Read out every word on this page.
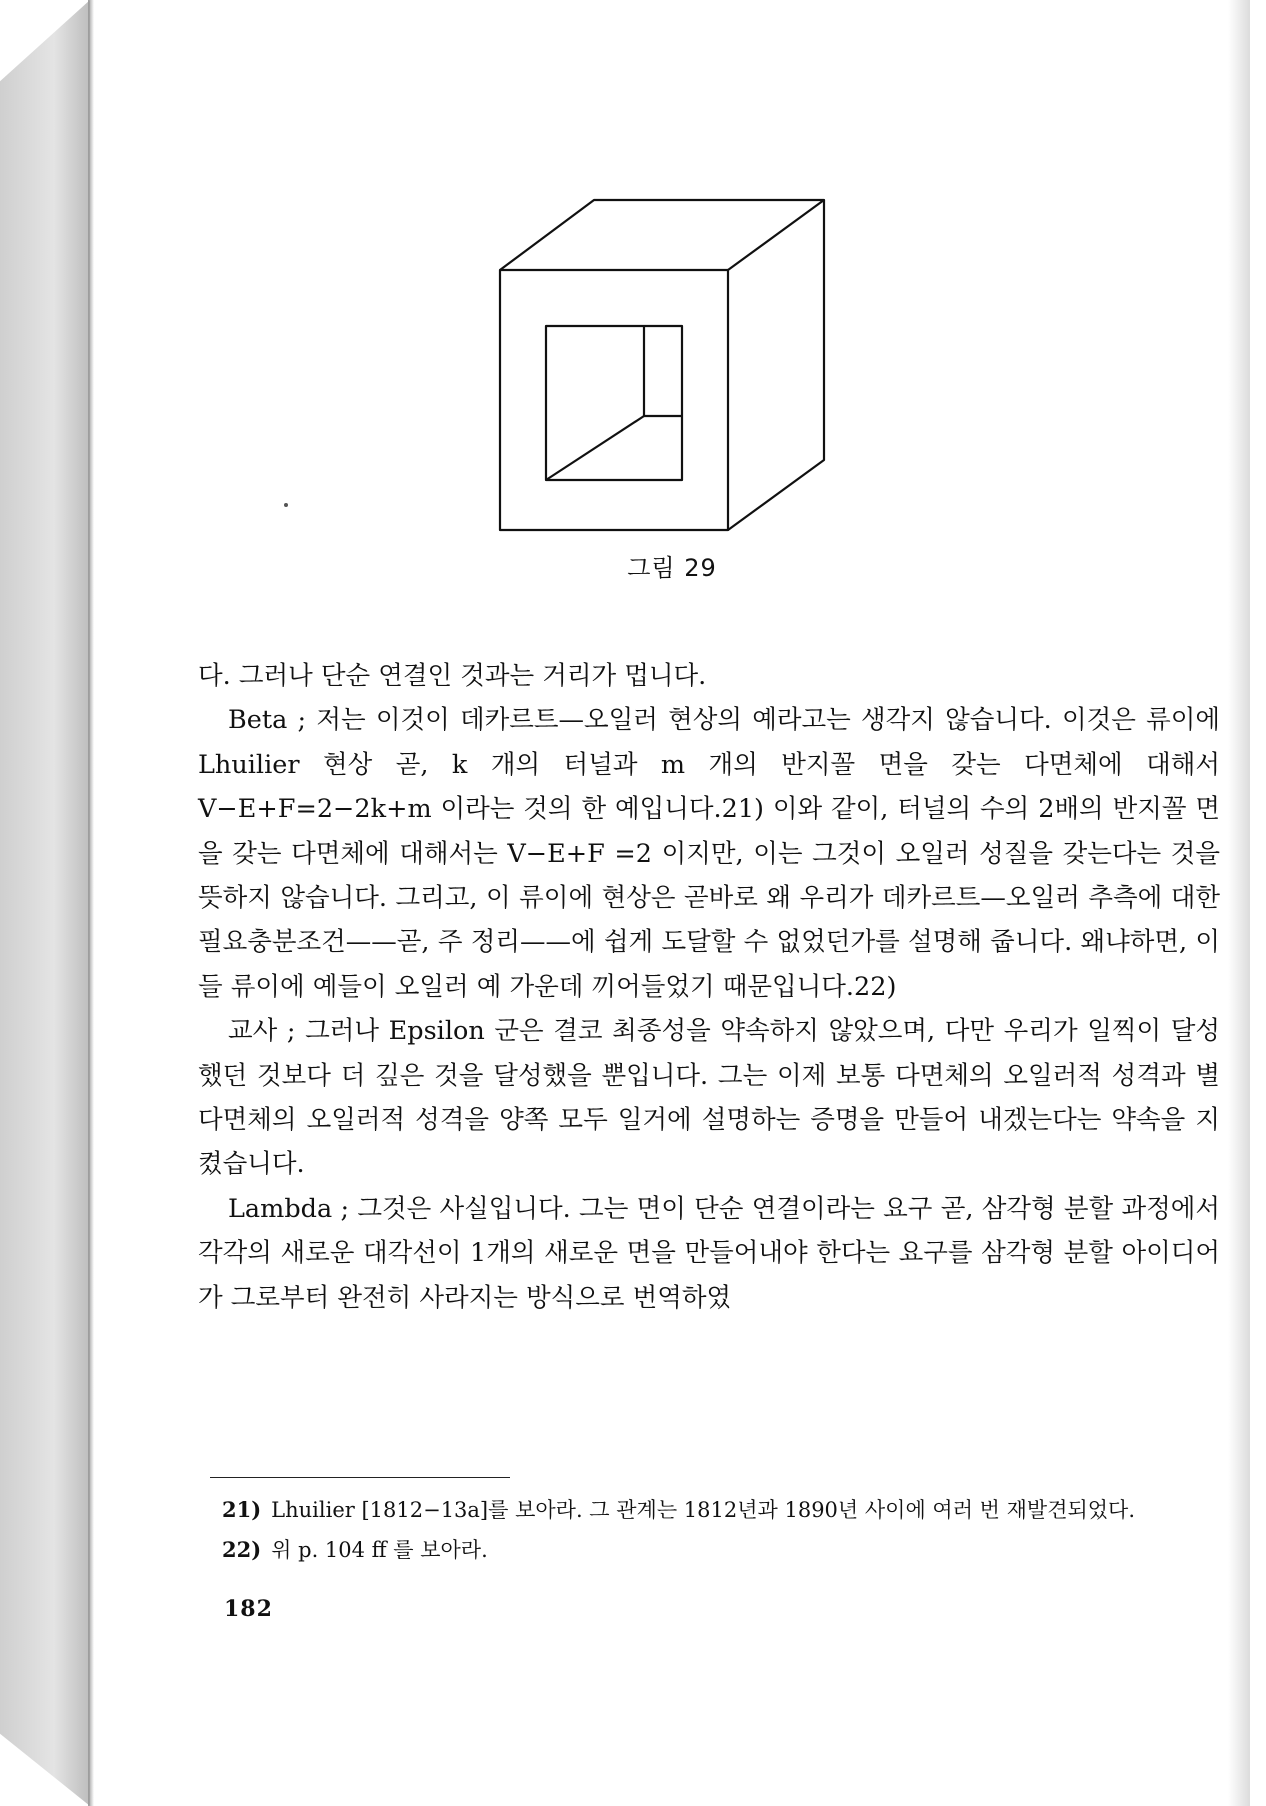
그림 29

다. 그러나 단순 연결인 것과는 거리가 멉니다.

Beta ; 저는 이것이 데카르트—오일러 현상의 예라고는 생각지 않습니다. 이것은 류이에 Lhuilier 현상 곧, k 개의 터널과 m 개의 반지꼴 면을 갖는 다면체에 대해서 V−E+F=2−2k+m 이라는 것의 한 예입니다.21) 이와 같이, 터널의 수의 2배의 반지꼴 면을 갖는 다면체에 대해서는 V−E+F =2 이지만, 이는 그것이 오일러 성질을 갖는다는 것을 뜻하지 않습니다. 그리고, 이 류이에 현상은 곧바로 왜 우리가 데카르트—오일러 추측에 대한 필요충분조건——곧, 주 정리——에 쉽게 도달할 수 없었던가를 설명해 줍니다. 왜냐하면, 이들 류이에 예들이 오일러 예 가운데 끼어들었기 때문입니다.22)

교사 ; 그러나 Epsilon 군은 결코 최종성을 약속하지 않았으며, 다만 우리가 일찍이 달성했던 것보다 더 깊은 것을 달성했을 뿐입니다. 그는 이제 보통 다면체의 오일러적 성격과 별 다면체의 오일러적 성격을 양쪽 모두 일거에 설명하는 증명을 만들어 내겠는다는 약속을 지켰습니다.

Lambda ; 그것은 사실입니다. 그는 면이 단순 연결이라는 요구 곧, 삼각형 분할 과정에서 각각의 새로운 대각선이 1개의 새로운 면을 만들어내야 한다는 요구를 삼각형 분할 아이디어가 그로부터 완전히 사라지는 방식으로 번역하였

21) Lhuilier [1812−13a]를 보아라. 그 관계는 1812년과 1890년 사이에 여러 번 재발견되었다.
22) 위 p. 104 ff 를 보아라.
182
